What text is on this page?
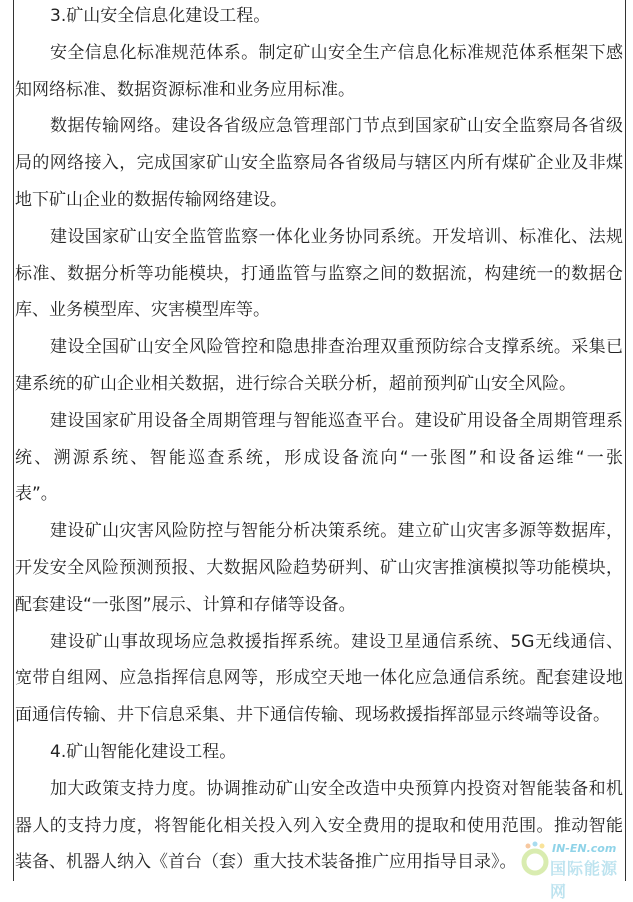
3.矿山安全信息化建设工程。
安全信息化标准规范体系。制定矿山安全生产信息化标准规范体系框架下感
知网络标准、数据资源标准和业务应用标准。
数据传输网络。建设各省级应急管理部门节点到国家矿山安全监察局各省级
局的网络接入，完成国家矿山安全监察局各省级局与辖区内所有煤矿企业及非煤
地下矿山企业的数据传输网络建设。
建设国家矿山安全监管监察一体化业务协同系统。开发培训、标准化、法规
标准、数据分析等功能模块，打通监管与监察之间的数据流，构建统一的数据仓
库、业务模型库、灾害模型库等。
建设全国矿山安全风险管控和隐患排查治理双重预防综合支撑系统。采集已
建系统的矿山企业相关数据，进行综合关联分析，超前预判矿山安全风险。
建设国家矿用设备全周期管理与智能巡查平台。建设矿用设备全周期管理系
统、溯源系统、智能巡查系统，形成设备流向“一张图”和设备运维“一张
表”。
建设矿山灾害风险防控与智能分析决策系统。建立矿山灾害多源等数据库，
开发安全风险预测预报、大数据风险趋势研判、矿山灾害推演模拟等功能模块，
配套建设“一张图”展示、计算和存储等设备。
建设矿山事故现场应急救援指挥系统。建设卫星通信系统、5G无线通信、
宽带自组网、应急指挥信息网等，形成空天地一体化应急通信系统。配套建设地
面通信传输、井下信息采集、井下通信传输、现场救援指挥部显示终端等设备。
4.矿山智能化建设工程。
加大政策支持力度。协调推动矿山安全改造中央预算内投资对智能装备和机
器人的支持力度，将智能化相关投入列入安全费用的提取和使用范围。推动智能
装备、机器人纳入《首台（套）重大技术装备推广应用指导目录》。
IN-EN.com
国际能源网
